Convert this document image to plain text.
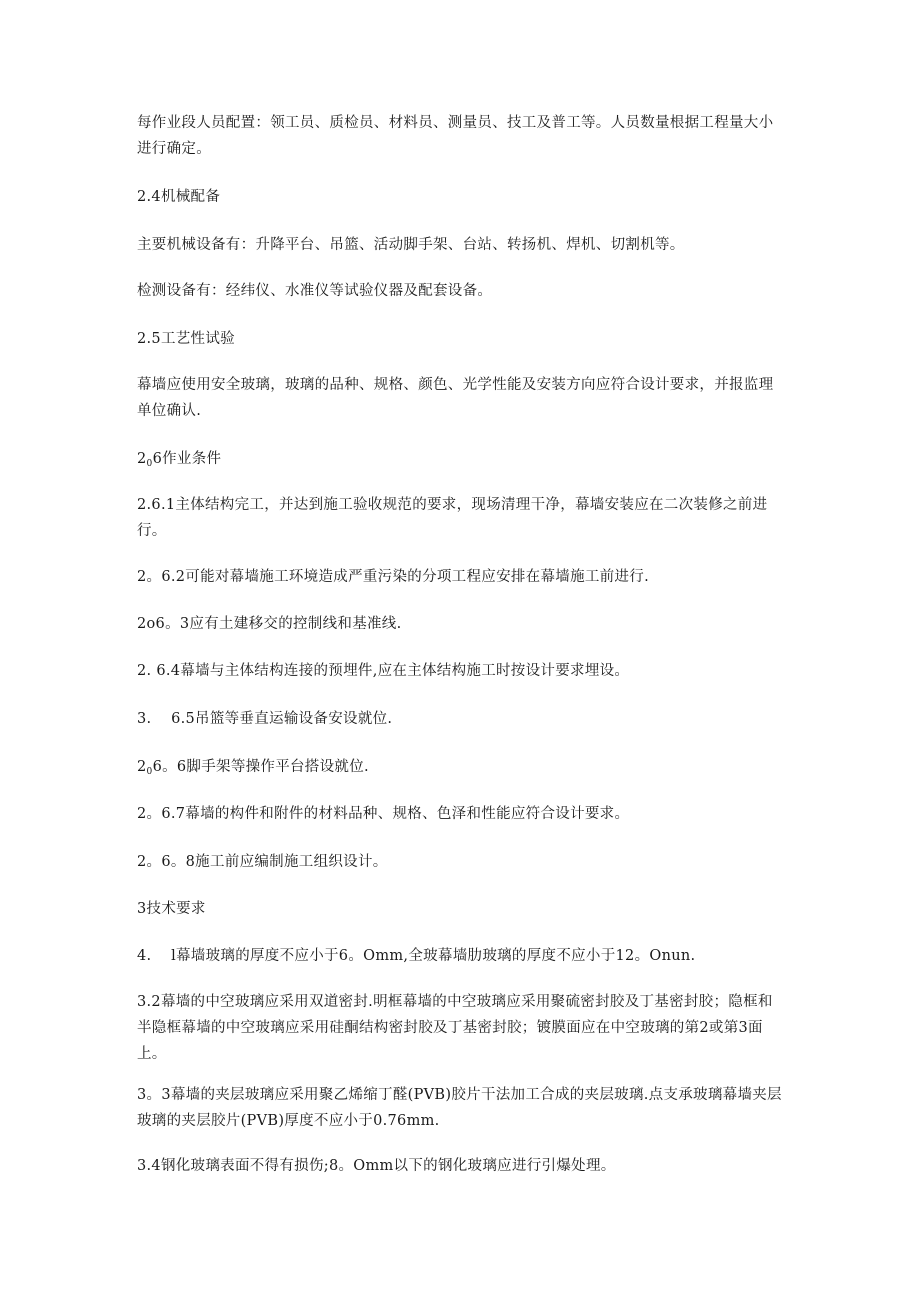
每作业段人员配置：领工员、质检员、材料员、测量员、技工及普工等。人员数量根据工程量大小进行确定。

2.4机械配备

主要机械设备有：升降平台、吊篮、活动脚手架、台站、转扬机、焊机、切割机等。

检测设备有：经纬仪、水准仪等试验仪器及配套设备。

2.5工艺性试验

幕墙应使用安全玻璃，玻璃的品种、规格、颜色、光学性能及安装方向应符合设计要求，并报监理单位确认.

$2_06$作业条件

2.6.1主体结构完工，并达到施工验收规范的要求，现场清理干净，幕墙安装应在二次装修之前进行。

2。6.2可能对幕墙施工环境造成严重污染的分项工程应安排在幕墙施工前进行.

2o6。3应有土建移交的控制线和基准线.

2. 6.4幕墙与主体结构连接的预埋件,应在主体结构施工时按设计要求埋设。

3.    6.5吊篮等垂直运输设备安设就位.

$2_06$。6脚手架等操作平台搭设就位.

2。6.7幕墙的构件和附件的材料品种、规格、色泽和性能应符合设计要求。

2。6。8施工前应编制施工组织设计。

3技术要求

4.    l幕墙玻璃的厚度不应小于6。Omm,全玻幕墙肋玻璃的厚度不应小于12。Onun.

3.2幕墙的中空玻璃应采用双道密封.明框幕墙的中空玻璃应采用聚硫密封胶及丁基密封胶；隐框和半隐框幕墙的中空玻璃应采用硅酮结构密封胶及丁基密封胶；镀膜面应在中空玻璃的第2或第3面上。

3。3幕墙的夹层玻璃应采用聚乙烯缩丁醛(PVB)胶片干法加工合成的夹层玻璃.点支承玻璃幕墙夹层玻璃的夹层胶片(PVB)厚度不应小于0.76mm.

3.4钢化玻璃表面不得有损伤;8。Omm以下的钢化玻璃应进行引爆处理。
